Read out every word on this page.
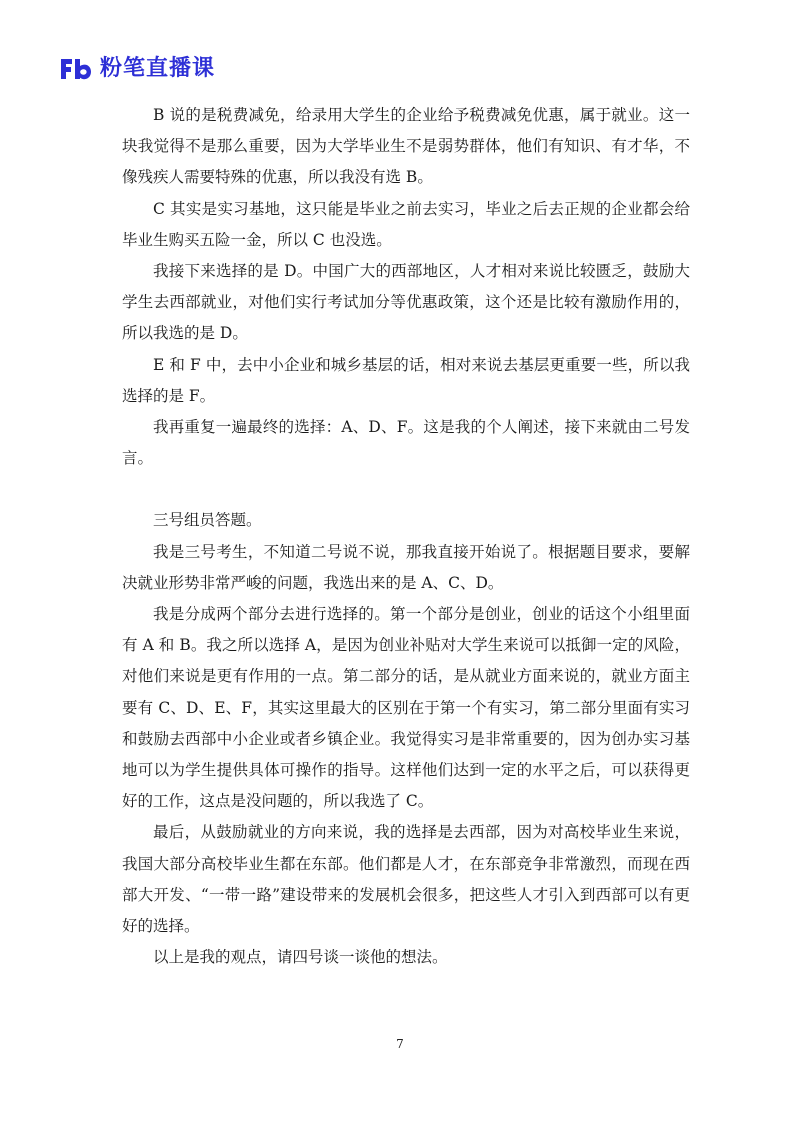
粉笔直播课

B 说的是税费减免，给录用大学生的企业给予税费减免优惠，属于就业。这一块我觉得不是那么重要，因为大学毕业生不是弱势群体，他们有知识、有才华，不像残疾人需要特殊的优惠，所以我没有选 B。

C 其实是实习基地，这只能是毕业之前去实习，毕业之后去正规的企业都会给毕业生购买五险一金，所以 C 也没选。

我接下来选择的是 D。中国广大的西部地区，人才相对来说比较匮乏，鼓励大学生去西部就业，对他们实行考试加分等优惠政策，这个还是比较有激励作用的，所以我选的是 D。

E 和 F 中，去中小企业和城乡基层的话，相对来说去基层更重要一些，所以我选择的是 F。

我再重复一遍最终的选择：A、D、F。这是我的个人阐述，接下来就由二号发言。

三号组员答题。

我是三号考生，不知道二号说不说，那我直接开始说了。根据题目要求，要解决就业形势非常严峻的问题，我选出来的是 A、C、D。

我是分成两个部分去进行选择的。第一个部分是创业，创业的话这个小组里面有 A 和 B。我之所以选择 A，是因为创业补贴对大学生来说可以抵御一定的风险，对他们来说是更有作用的一点。第二部分的话，是从就业方面来说的，就业方面主要有 C、D、E、F，其实这里最大的区别在于第一个有实习，第二部分里面有实习和鼓励去西部中小企业或者乡镇企业。我觉得实习是非常重要的，因为创办实习基地可以为学生提供具体可操作的指导。这样他们达到一定的水平之后，可以获得更好的工作，这点是没问题的，所以我选了 C。

最后，从鼓励就业的方向来说，我的选择是去西部，因为对高校毕业生来说，我国大部分高校毕业生都在东部。他们都是人才，在东部竞争非常激烈，而现在西部大开发、“一带一路”建设带来的发展机会很多，把这些人才引入到西部可以有更好的选择。

以上是我的观点，请四号谈一谈他的想法。

7
